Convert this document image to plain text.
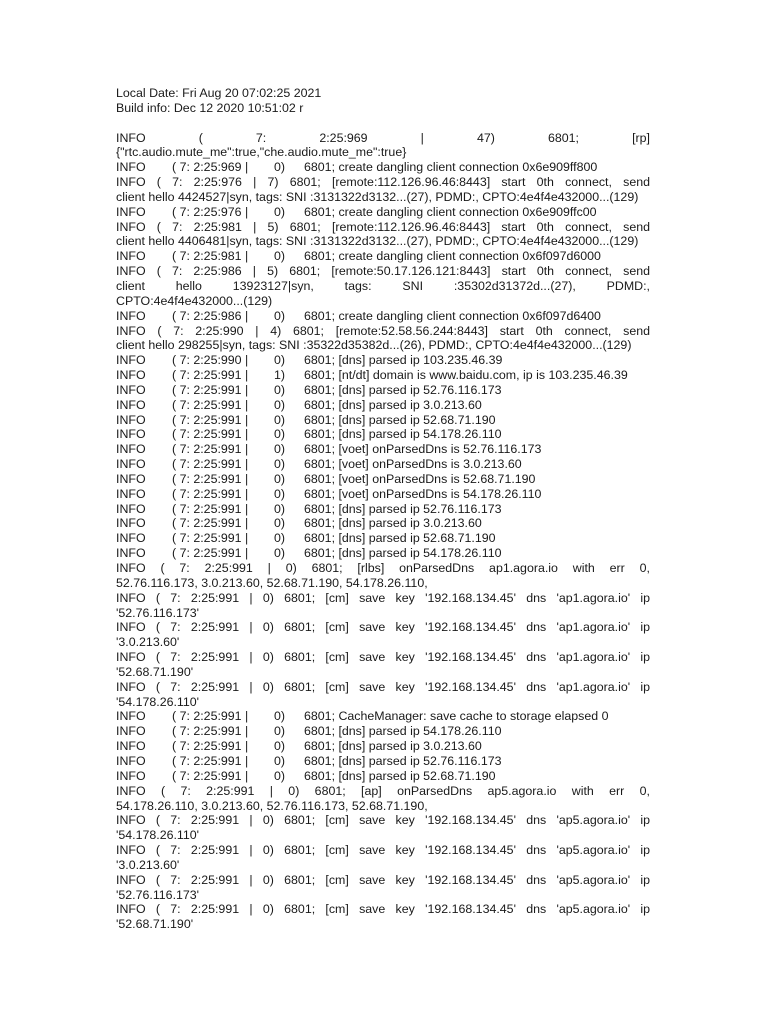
Local Date: Fri Aug 20 07:02:25 2021
Build info: Dec 12 2020 10:51:02 r
INFO ( 7: 2:25:969 | 47) 6801; [rp]
{"rtc.audio.mute_me":true,"che.audio.mute_me":true}
INFO	( 7: 2:25:969 |	0)	6801; create dangling client connection 0x6e909ff800
INFO ( 7: 2:25:976 | 7) 6801; [remote:112.126.96.46:8443] start 0th connect, send
client hello 4424527|syn, tags: SNI :3131322d3132...(27), PDMD:, CPTO:4e4f4e432000...(129)
INFO	( 7: 2:25:976 |	0)	6801; create dangling client connection 0x6e909ffc00
INFO ( 7: 2:25:981 | 5) 6801; [remote:112.126.96.46:8443] start 0th connect, send
client hello 4406481|syn, tags: SNI :3131322d3132...(27), PDMD:, CPTO:4e4f4e432000...(129)
INFO	( 7: 2:25:981 |	0)	6801; create dangling client connection 0x6f097d6000
INFO ( 7: 2:25:986 | 5) 6801; [remote:50.17.126.121:8443] start 0th connect, send
client hello 13923127|syn, tags: SNI :35302d31372d...(27), PDMD:,
CPTO:4e4f4e432000...(129)
INFO	( 7: 2:25:986 |	0)	6801; create dangling client connection 0x6f097d6400
INFO ( 7: 2:25:990 | 4) 6801; [remote:52.58.56.244:8443] start 0th connect, send
client hello 298255|syn, tags: SNI :35322d35382d...(26), PDMD:, CPTO:4e4f4e432000...(129)
INFO	( 7: 2:25:990 |	0)	6801; [dns] parsed ip 103.235.46.39
INFO	( 7: 2:25:991 |	1)	6801; [nt/dt] domain is www.baidu.com, ip is 103.235.46.39
INFO	( 7: 2:25:991 |	0)	6801; [dns] parsed ip 52.76.116.173
INFO	( 7: 2:25:991 |	0)	6801; [dns] parsed ip 3.0.213.60
INFO	( 7: 2:25:991 |	0)	6801; [dns] parsed ip 52.68.71.190
INFO	( 7: 2:25:991 |	0)	6801; [dns] parsed ip 54.178.26.110
INFO	( 7: 2:25:991 |	0)	6801; [voet] onParsedDns is 52.76.116.173
INFO	( 7: 2:25:991 |	0)	6801; [voet] onParsedDns is 3.0.213.60
INFO	( 7: 2:25:991 |	0)	6801; [voet] onParsedDns is 52.68.71.190
INFO	( 7: 2:25:991 |	0)	6801; [voet] onParsedDns is 54.178.26.110
INFO	( 7: 2:25:991 |	0)	6801; [dns] parsed ip 52.76.116.173
INFO	( 7: 2:25:991 |	0)	6801; [dns] parsed ip 3.0.213.60
INFO	( 7: 2:25:991 |	0)	6801; [dns] parsed ip 52.68.71.190
INFO	( 7: 2:25:991 |	0)	6801; [dns] parsed ip 54.178.26.110
INFO ( 7: 2:25:991 | 0) 6801; [rlbs] onParsedDns ap1.agora.io with err 0,
52.76.116.173, 3.0.213.60, 52.68.71.190, 54.178.26.110,
INFO ( 7: 2:25:991 | 0) 6801; [cm] save key '192.168.134.45' dns 'ap1.agora.io' ip
'52.76.116.173'
INFO ( 7: 2:25:991 | 0) 6801; [cm] save key '192.168.134.45' dns 'ap1.agora.io' ip
'3.0.213.60'
INFO ( 7: 2:25:991 | 0) 6801; [cm] save key '192.168.134.45' dns 'ap1.agora.io' ip
'52.68.71.190'
INFO ( 7: 2:25:991 | 0) 6801; [cm] save key '192.168.134.45' dns 'ap1.agora.io' ip
'54.178.26.110'
INFO	( 7: 2:25:991 |	0)	6801; CacheManager: save cache to storage elapsed 0
INFO	( 7: 2:25:991 |	0)	6801; [dns] parsed ip 54.178.26.110
INFO	( 7: 2:25:991 |	0)	6801; [dns] parsed ip 3.0.213.60
INFO	( 7: 2:25:991 |	0)	6801; [dns] parsed ip 52.76.116.173
INFO	( 7: 2:25:991 |	0)	6801; [dns] parsed ip 52.68.71.190
INFO ( 7: 2:25:991 | 0) 6801; [ap] onParsedDns ap5.agora.io with err 0,
54.178.26.110, 3.0.213.60, 52.76.116.173, 52.68.71.190,
INFO ( 7: 2:25:991 | 0) 6801; [cm] save key '192.168.134.45' dns 'ap5.agora.io' ip
'54.178.26.110'
INFO ( 7: 2:25:991 | 0) 6801; [cm] save key '192.168.134.45' dns 'ap5.agora.io' ip
'3.0.213.60'
INFO ( 7: 2:25:991 | 0) 6801; [cm] save key '192.168.134.45' dns 'ap5.agora.io' ip
'52.76.116.173'
INFO ( 7: 2:25:991 | 0) 6801; [cm] save key '192.168.134.45' dns 'ap5.agora.io' ip
'52.68.71.190'
